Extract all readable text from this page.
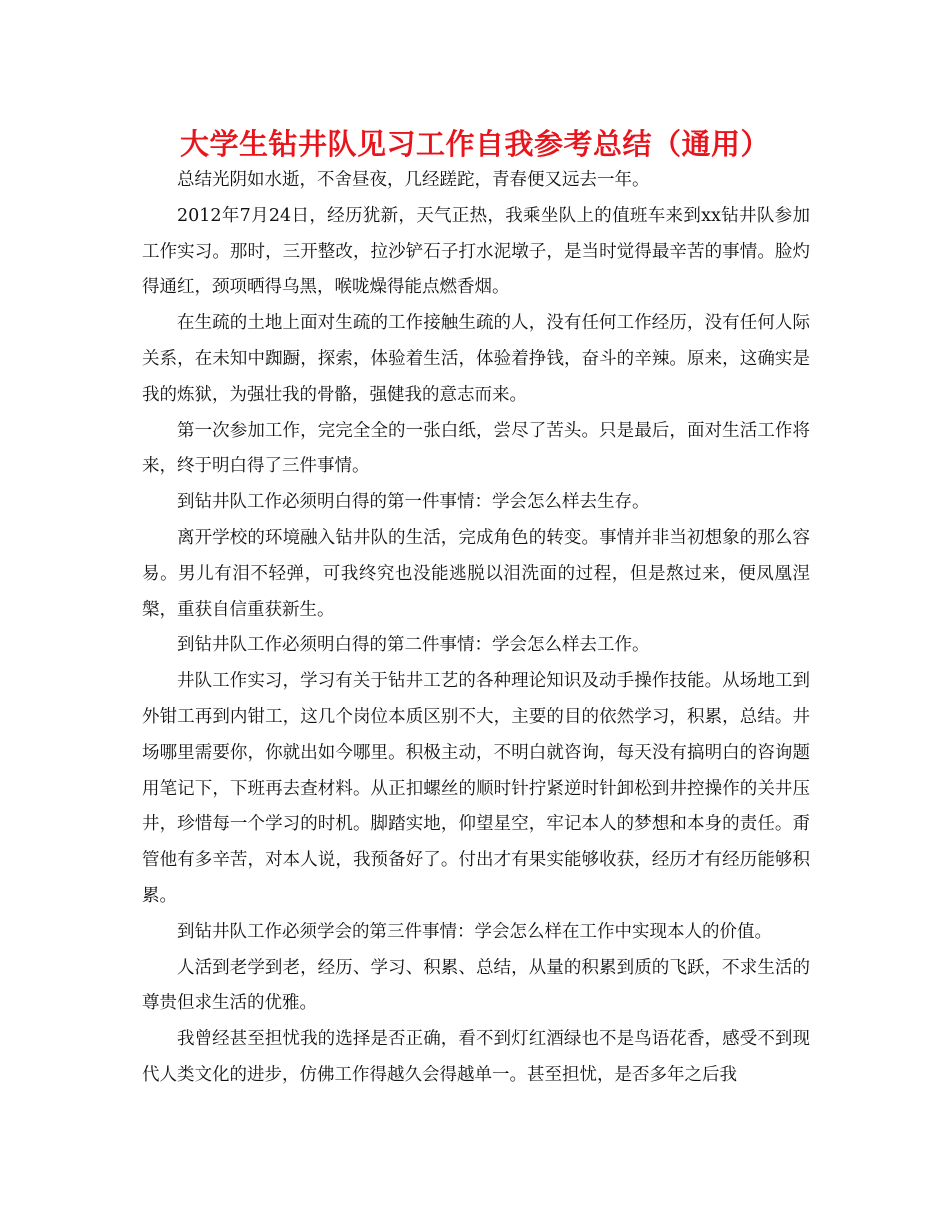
大学生钻井队见习工作自我参考总结（通用）

总结光阴如水逝，不舍昼夜，几经蹉跎，青春便又远去一年。

2012年7月24日，经历犹新，天气正热，我乘坐队上的值班车来到xx钻井队参加工作实习。那时，三开整改，拉沙铲石子打水泥墩子，是当时觉得最辛苦的事情。脸灼得通红，颈项晒得乌黑，喉咙燥得能点燃香烟。

在生疏的土地上面对生疏的工作接触生疏的人，没有任何工作经历，没有任何人际关系，在未知中踟蹰，探索，体验着生活，体验着挣钱，奋斗的辛辣。原来，这确实是我的炼狱，为强壮我的骨骼，强健我的意志而来。

第一次参加工作，完完全全的一张白纸，尝尽了苦头。只是最后，面对生活工作将来，终于明白得了三件事情。

到钻井队工作必须明白得的第一件事情：学会怎么样去生存。

离开学校的环境融入钻井队的生活，完成角色的转变。事情并非当初想象的那么容易。男儿有泪不轻弹，可我终究也没能逃脱以泪洗面的过程，但是熬过来，便凤凰涅槃，重获自信重获新生。

到钻井队工作必须明白得的第二件事情：学会怎么样去工作。

井队工作实习，学习有关于钻井工艺的各种理论知识及动手操作技能。从场地工到外钳工再到内钳工，这几个岗位本质区别不大，主要的目的依然学习，积累，总结。井场哪里需要你，你就出如今哪里。积极主动，不明白就咨询，每天没有搞明白的咨询题用笔记下，下班再去查材料。从正扣螺丝的顺时针拧紧逆时针卸松到井控操作的关井压井，珍惜每一个学习的时机。脚踏实地，仰望星空，牢记本人的梦想和本身的责任。甭管他有多辛苦，对本人说，我预备好了。付出才有果实能够收获，经历才有经历能够积累。

到钻井队工作必须学会的第三件事情：学会怎么样在工作中实现本人的价值。

人活到老学到老，经历、学习、积累、总结，从量的积累到质的飞跃，不求生活的尊贵但求生活的优雅。

我曾经甚至担忧我的选择是否正确，看不到灯红酒绿也不是鸟语花香，感受不到现代人类文化的进步，仿佛工作得越久会得越单一。甚至担忧，是否多年之后我
